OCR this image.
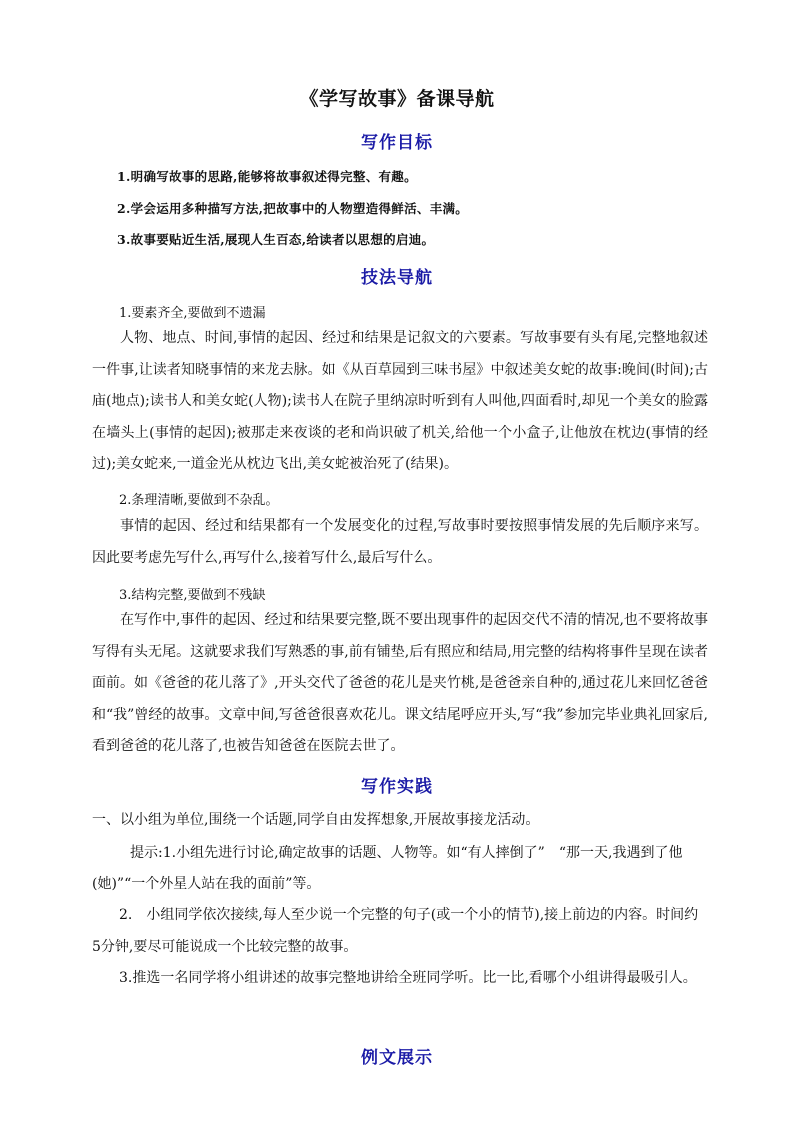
《学写故事》备课导航
写作目标
1.明确写故事的思路,能够将故事叙述得完整、有趣。
2.学会运用多种描写方法,把故事中的人物塑造得鲜活、丰满。
3.故事要贴近生活,展现人生百态,给读者以思想的启迪。
技法导航
1.要素齐全,要做到不遗漏

人物、地点、时间,事情的起因、经过和结果是记叙文的六要素。写故事要有头有尾,完整地叙述一件事,让读者知晓事情的来龙去脉。如《从百草园到三味书屋》中叙述美女蛇的故事:晚间(时间);古庙(地点);读书人和美女蛇(人物);读书人在院子里纳凉时听到有人叫他,四面看时,却见一个美女的脸露在墙头上(事情的起因);被那走来夜谈的老和尚识破了机关,给他一个小盒子,让他放在枕边(事情的经过);美女蛇来,一道金光从枕边飞出,美女蛇被治死了(结果)。

2.条理清晰,要做到不杂乱。

事情的起因、经过和结果都有一个发展变化的过程,写故事时要按照事情发展的先后顺序来写。因此要考虑先写什么,再写什么,接着写什么,最后写什么。

3.结构完整,要做到不残缺

在写作中,事件的起因、经过和结果要完整,既不要出现事件的起因交代不清的情况,也不要将故事写得有头无尾。这就要求我们写熟悉的事,前有铺垫,后有照应和结局,用完整的结构将事件呈现在读者面前。如《爸爸的花儿落了》,开头交代了爸爸的花儿是夹竹桃,是爸爸亲自种的,通过花儿来回忆爸爸和“我”曾经的故事。文章中间,写爸爸很喜欢花儿。课文结尾呼应开头,写“我”参加完毕业典礼回家后,看到爸爸的花儿落了,也被告知爸爸在医院去世了。

写作实践
一、以小组为单位,围绕一个话题,同学自由发挥想象,开展故事接龙活动。
提示:1.小组先进行讨论,确定故事的话题、人物等。如“有人摔倒了”　“那一天,我遇到了他
(她)”“一个外星人站在我的面前”等。
2.　小组同学依次接续,每人至少说一个完整的句子(或一个小的情节),接上前边的内容。时间约
5分钟,要尽可能说成一个比较完整的故事。
3.推选一名同学将小组讲述的故事完整地讲给全班同学听。比一比,看哪个小组讲得最吸引人。
例文展示
